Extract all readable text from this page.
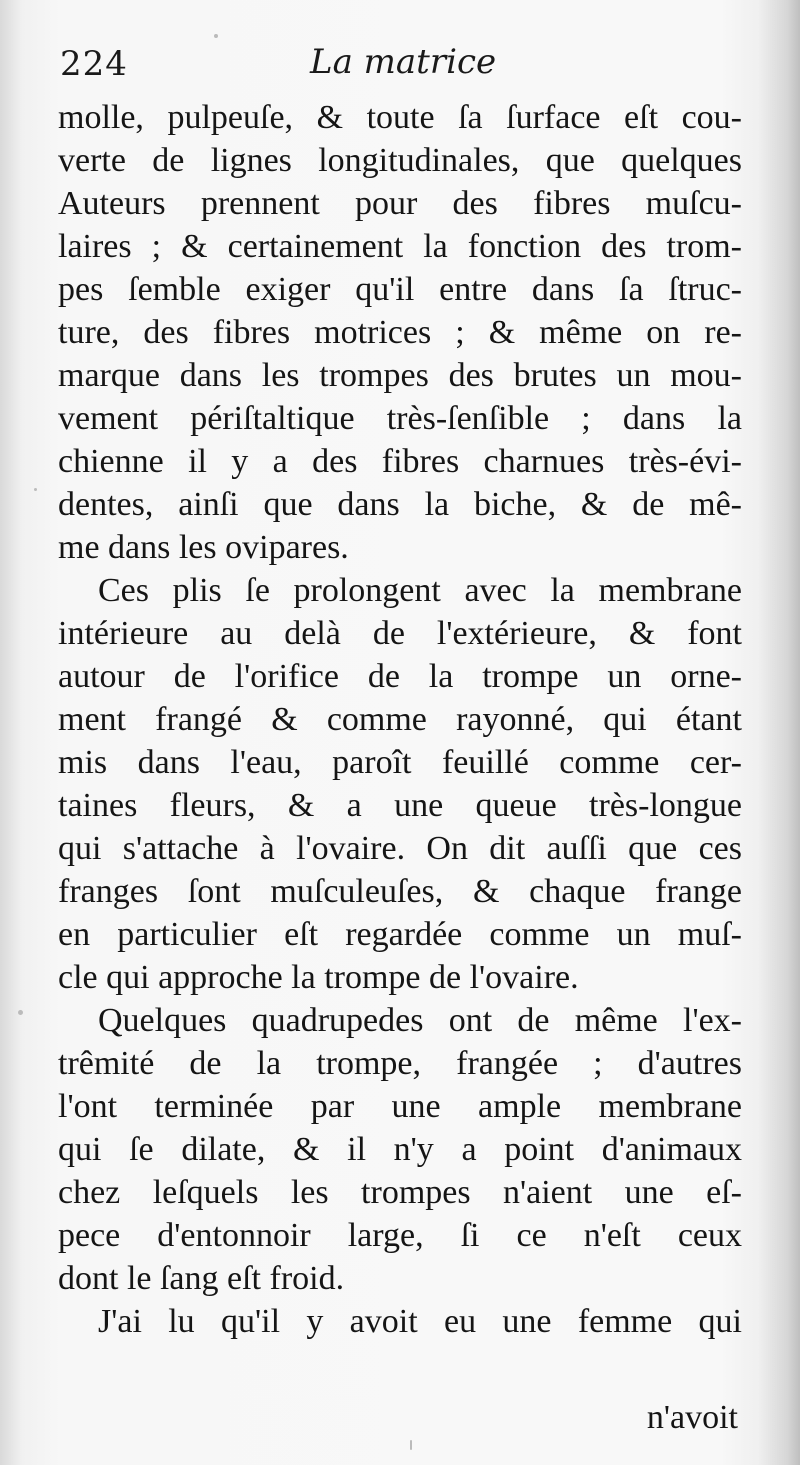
224	La matrice
molle, pulpeuſe, & toute ſa ſurface eſt cou-
verte de lignes longitudinales, que quelques
Auteurs prennent pour des fibres muſcu-
laires ; & certainement la fonction des trom-
pes ſemble exiger qu'il entre dans ſa ſtruc-
ture, des fibres motrices ; & même on re-
marque dans les trompes des brutes un mou-
vement périſtaltique très-ſenſible ; dans la
chienne il y a des fibres charnues très-évi-
dentes, ainſi que dans la biche, & de mê-
me dans les ovipares.
Ces plis ſe prolongent avec la membrane
intérieure au delà de l'extérieure, & font
autour de l'orifice de la trompe un orne-
ment frangé & comme rayonné, qui étant
mis dans l'eau, paroît feuillé comme cer-
taines fleurs, & a une queue très-longue
qui s'attache à l'ovaire. On dit auſſi que ces
franges ſont muſculeuſes, & chaque frange
en particulier eſt regardée comme un muſ-
cle qui approche la trompe de l'ovaire.
Quelques quadrupedes ont de même l'ex-
trêmité de la trompe, frangée ; d'autres
l'ont terminée par une ample membrane
qui ſe dilate, & il n'y a point d'animaux
chez leſquels les trompes n'aient une eſ-
pece d'entonnoir large, ſi ce n'eſt ceux
dont le ſang eſt froid.
J'ai lu qu'il y avoit eu une femme qui
n'avoit
